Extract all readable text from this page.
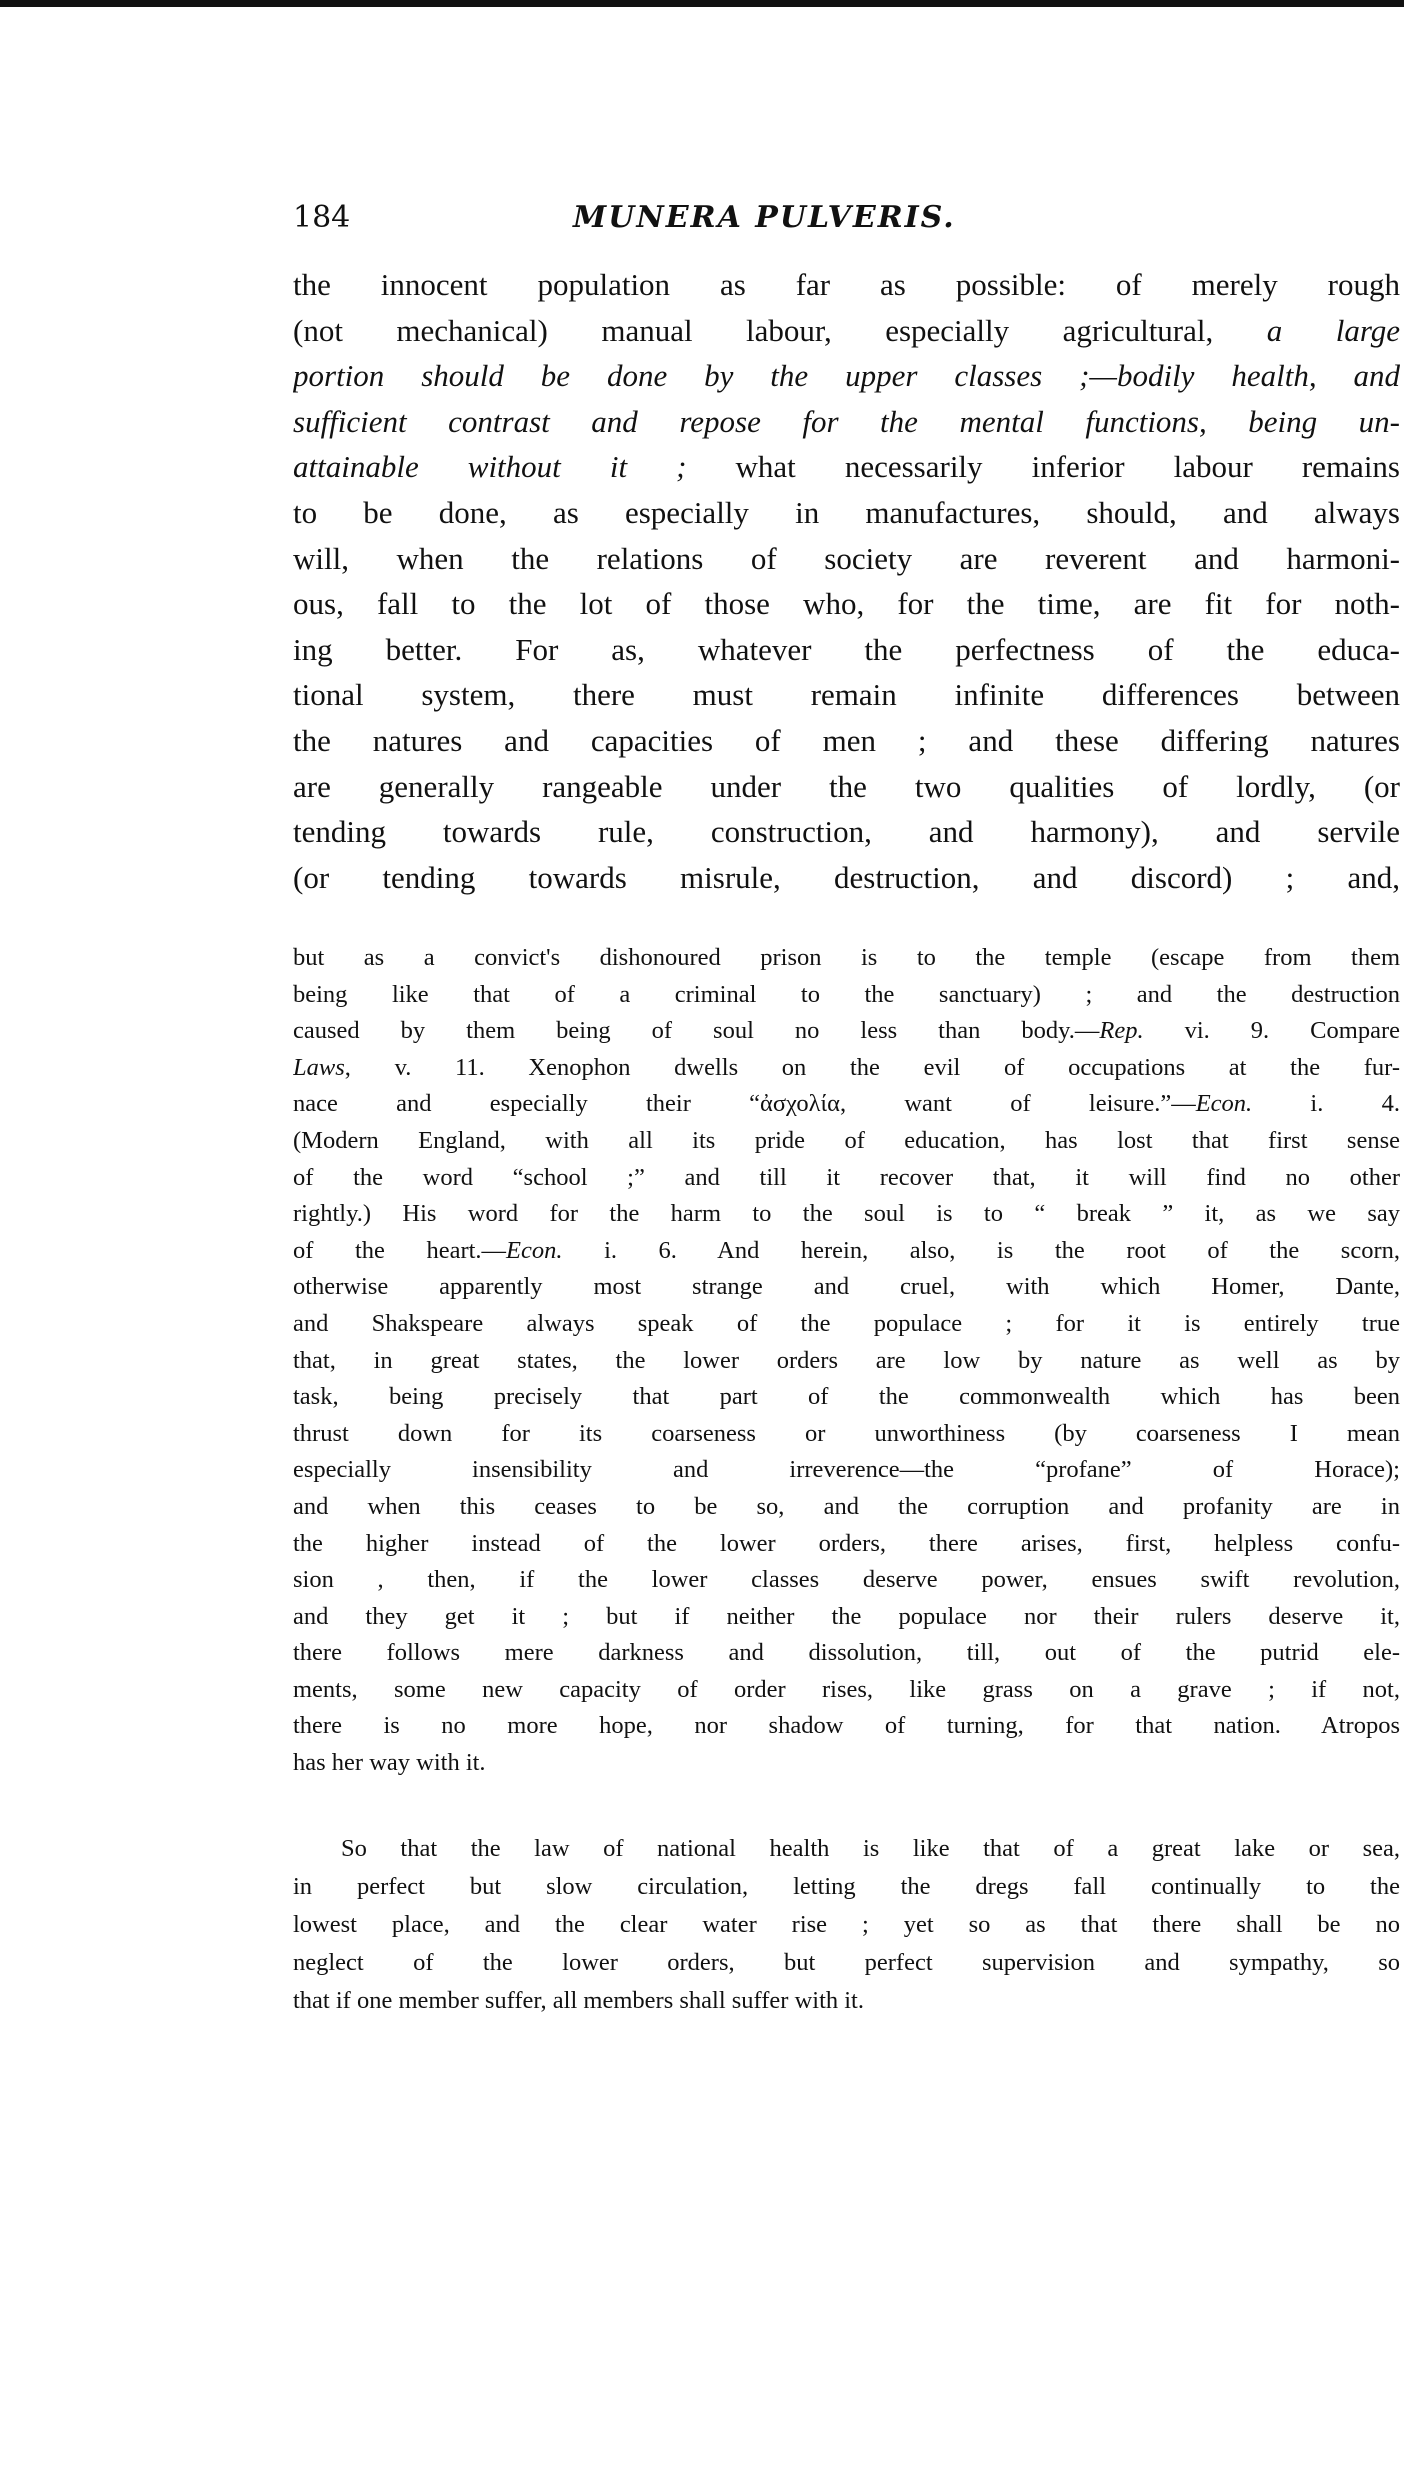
184	MUNERA PULVERIS.
the innocent population as far as possible: of merely rough
(not mechanical) manual labour, especially agricultural, a large
portion should be done by the upper classes ;—bodily health, and
sufficient contrast and repose for the mental functions, being un-
attainable without it ; what necessarily inferior labour remains
to be done, as especially in manufactures, should, and always
will, when the relations of society are reverent and harmoni-
ous, fall to the lot of those who, for the time, are fit for noth-
ing better. For as, whatever the perfectness of the educa-
tional system, there must remain infinite differences between
the natures and capacities of men ; and these differing natures
are generally rangeable under the two qualities of lordly, (or
tending towards rule, construction, and harmony), and servile
(or tending towards misrule, destruction, and discord) ; and,
but as a convict's dishonoured prison is to the temple (escape from them
being like that of a criminal to the sanctuary) ; and the destruction
caused by them being of soul no less than body.—Rep. vi. 9. Compare
Laws, v. 11. Xenophon dwells on the evil of occupations at the fur-
nace and especially their “ἀσχολία, want of leisure.”—Econ. i. 4.
(Modern England, with all its pride of education, has lost that first sense
of the word “school ;” and till it recover that, it will find no other
rightly.) His word for the harm to the soul is to “ break ” it, as we say
of the heart.—Econ. i. 6. And herein, also, is the root of the scorn,
otherwise apparently most strange and cruel, with which Homer, Dante,
and Shakspeare always speak of the populace ; for it is entirely true
that, in great states, the lower orders are low by nature as well as by
task, being precisely that part of the commonwealth which has been
thrust down for its coarseness or unworthiness (by coarseness I mean
especially insensibility and irreverence—the “profane” of Horace);
and when this ceases to be so, and the corruption and profanity are in
the higher instead of the lower orders, there arises, first, helpless confu-
sion , then, if the lower classes deserve power, ensues swift revolution,
and they get it ; but if neither the populace nor their rulers deserve it,
there follows mere darkness and dissolution, till, out of the putrid ele-
ments, some new capacity of order rises, like grass on a grave ; if not,
there is no more hope, nor shadow of turning, for that nation. Atropos
has her way with it.
So that the law of national health is like that of a great lake or sea,
in perfect but slow circulation, letting the dregs fall continually to the
lowest place, and the clear water rise ; yet so as that there shall be no
neglect of the lower orders, but perfect supervision and sympathy, so
that if one member suffer, all members shall suffer with it.
